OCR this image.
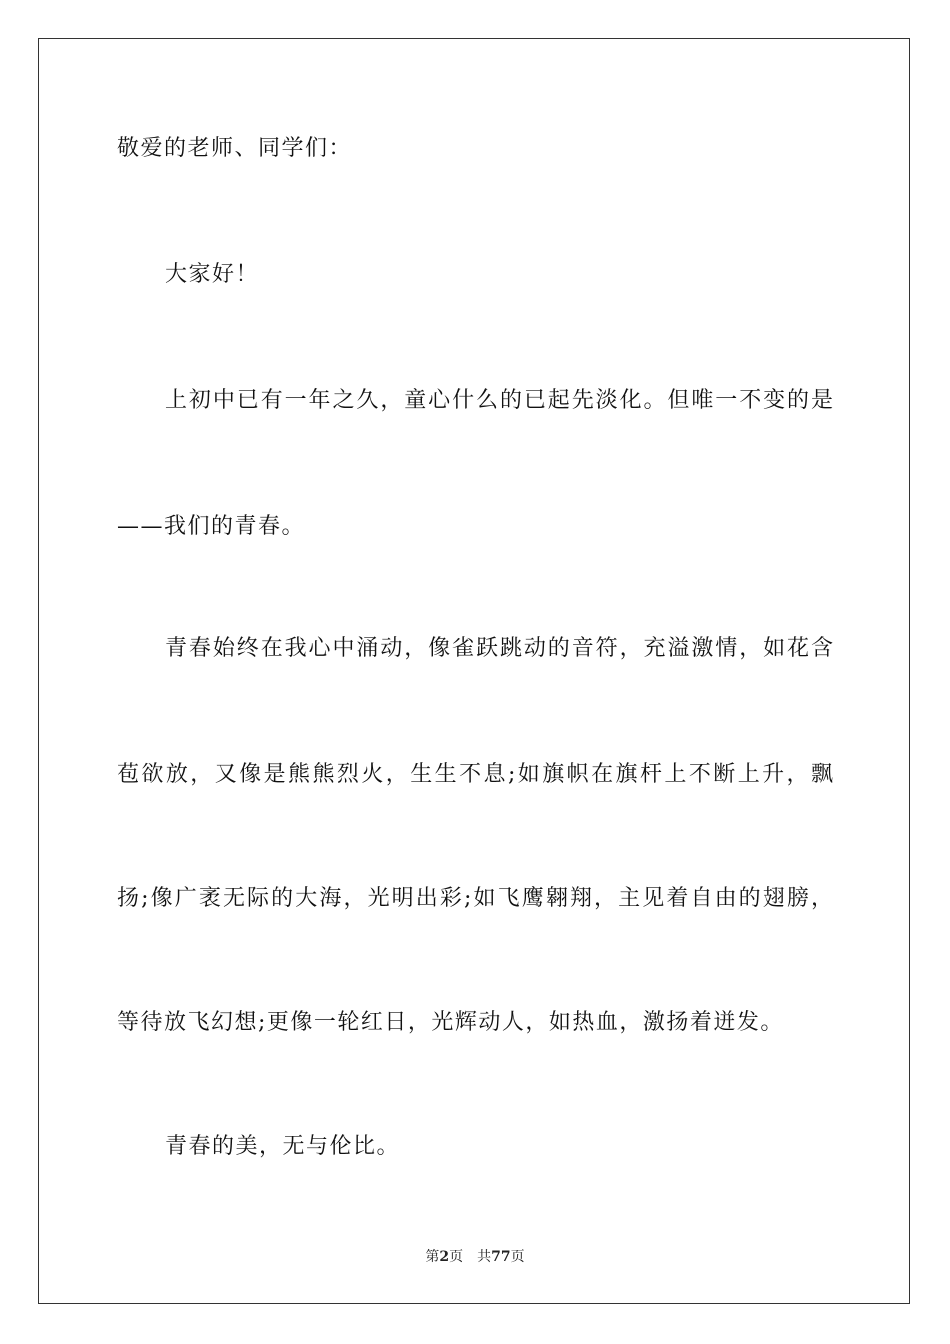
敬爱的老师、同学们：
大家好！
上初中已有一年之久，童心什么的已起先淡化。但唯一不变的是
——我们的青春。
青春始终在我心中涌动，像雀跃跳动的音符，充溢激情，如花含
苞欲放，又像是熊熊烈火，生生不息;如旗帜在旗杆上不断上升，飘
扬;像广袤无际的大海，光明出彩;如飞鹰翱翔，主见着自由的翅膀，
等待放飞幻想;更像一轮红日，光辉动人，如热血，激扬着迸发。
青春的美，无与伦比。
第2页 共77页
